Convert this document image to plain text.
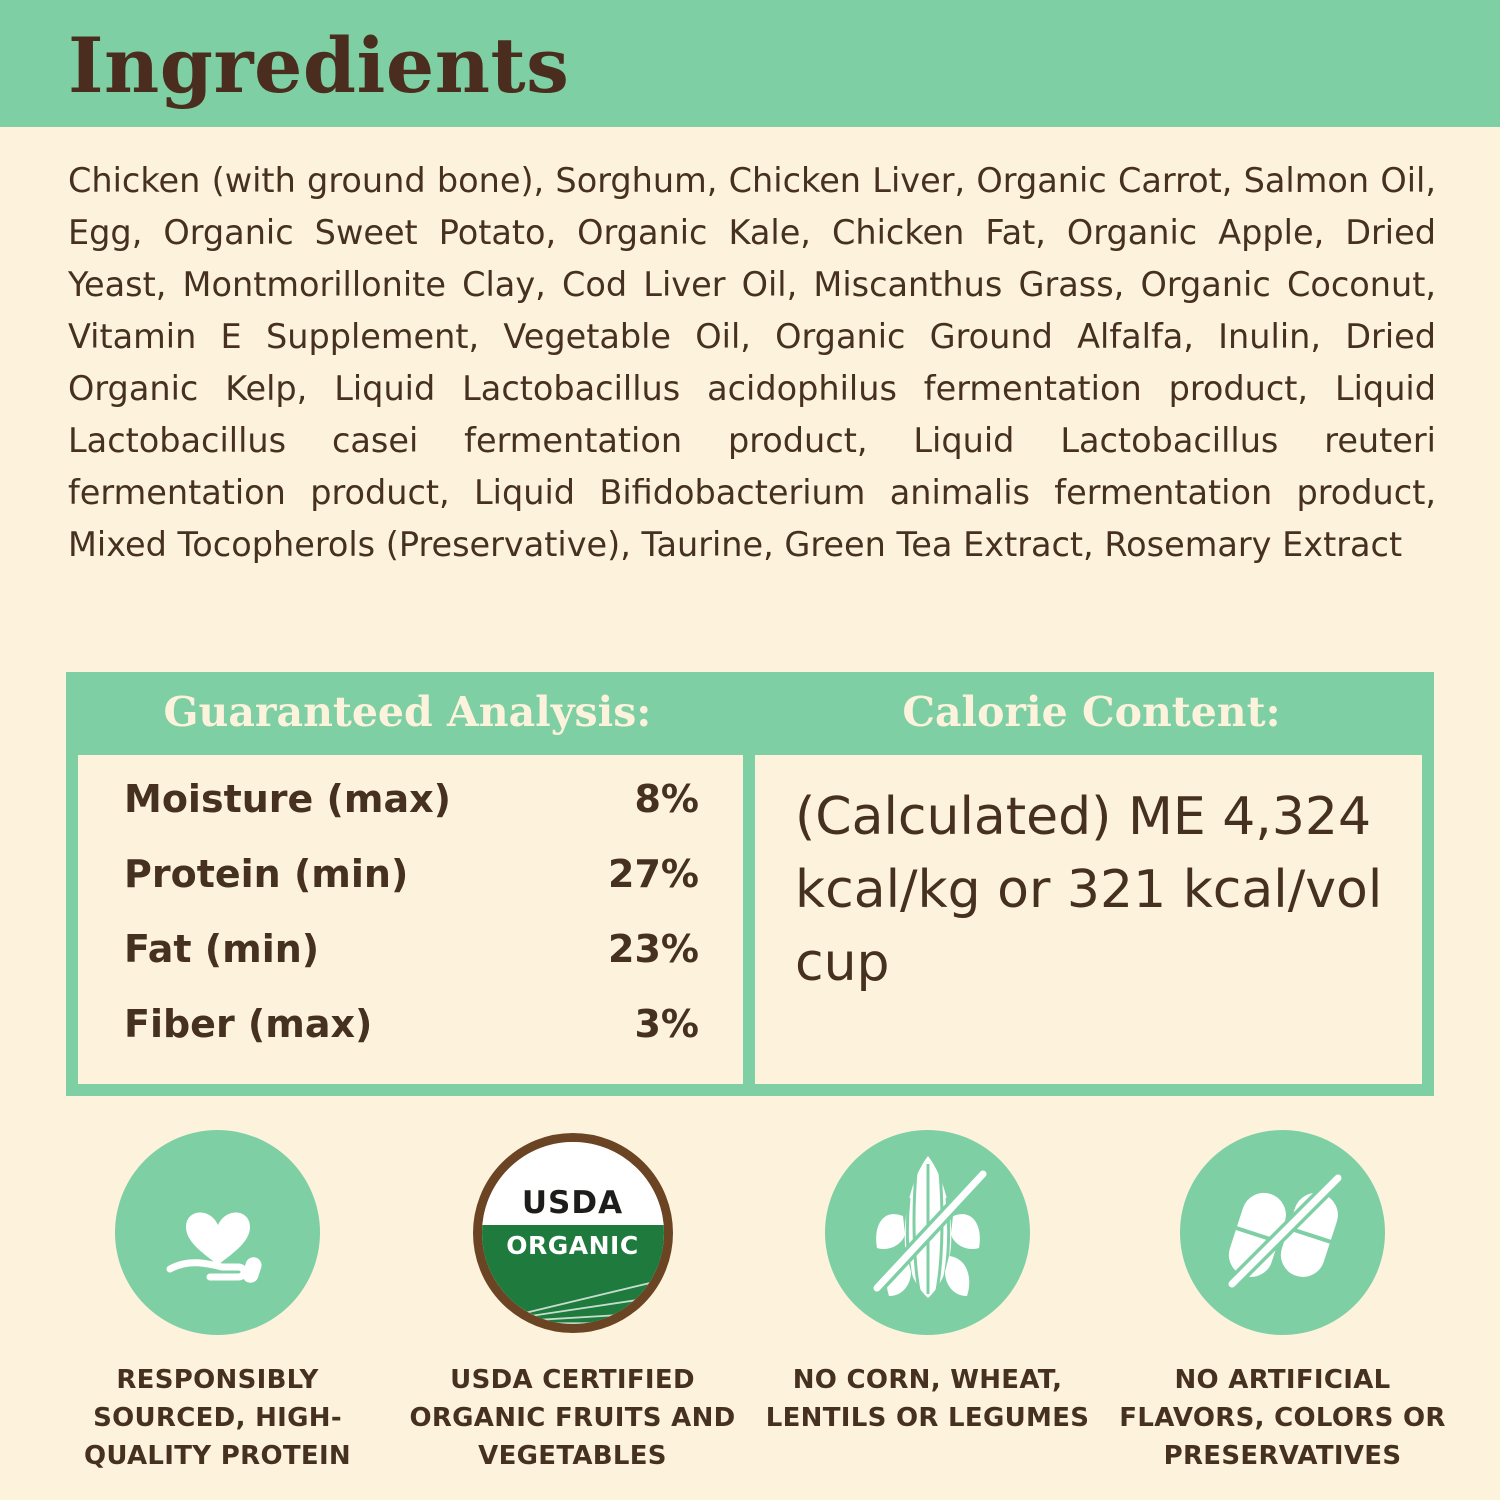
Ingredients
Chicken (with ground bone), Sorghum, Chicken Liver, Organic Carrot, Salmon Oil, Egg, Organic Sweet Potato, Organic Kale, Chicken Fat, Organic Apple, Dried Yeast, Montmorillonite Clay, Cod Liver Oil, Miscanthus Grass, Organic Coconut, Vitamin E Supplement, Vegetable Oil, Organic Ground Alfalfa, Inulin, Dried Organic Kelp, Liquid Lactobacillus acidophilus fermentation product, Liquid Lactobacillus casei fermentation product, Liquid Lactobacillus reuteri fermentation product, Liquid Bifidobacterium animalis fermentation product, Mixed Tocopherols (Preservative), Taurine, Green Tea Extract, Rosemary Extract
Guaranteed Analysis:
Moisture (max)	8%
Protein (min)	27%
Fat (min)	23%
Fiber (max)	3%
Calorie Content:
(Calculated) ME 4,324 kcal/kg or 321 kcal/vol cup
RESPONSIBLY SOURCED, HIGH-QUALITY PROTEIN
USDA
ORGANIC
USDA CERTIFIED ORGANIC FRUITS AND VEGETABLES
NO CORN, WHEAT, LENTILS OR LEGUMES
NO ARTIFICIAL FLAVORS, COLORS OR PRESERVATIVES
